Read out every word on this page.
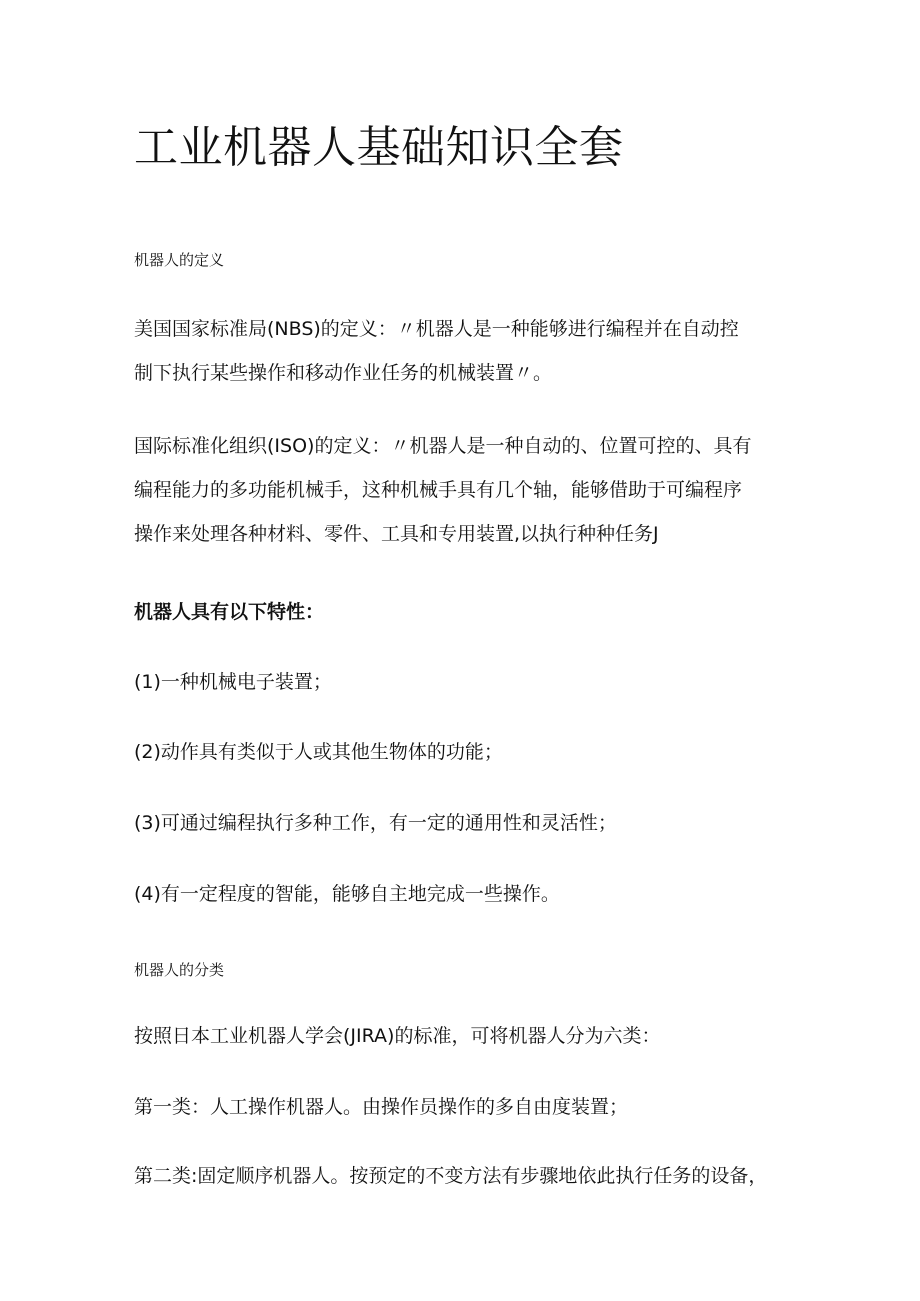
工业机器人基础知识全套

机器人的定义

美国国家标准局(NBS)的定义：〃机器人是一种能够进行编程并在自动控
制下执行某些操作和移动作业任务的机械装置〃。
国际标准化组织(ISO)的定义：〃机器人是一种自动的、位置可控的、具有
编程能力的多功能机械手，这种机械手具有几个轴，能够借助于可编程序
操作来处理各种材料、零件、工具和专用装置,以执行种种任务J

机器人具有以下特性：

(1)一种机械电子装置；

(2)动作具有类似于人或其他生物体的功能；

(3)可通过编程执行多种工作，有一定的通用性和灵活性；

(4)有一定程度的智能，能够自主地完成一些操作。

机器人的分类

按照日本工业机器人学会(JIRA)的标准，可将机器人分为六类：

第一类：人工操作机器人。由操作员操作的多自由度装置；

第二类:固定顺序机器人。按预定的不变方法有步骤地依此执行任务的设备，
